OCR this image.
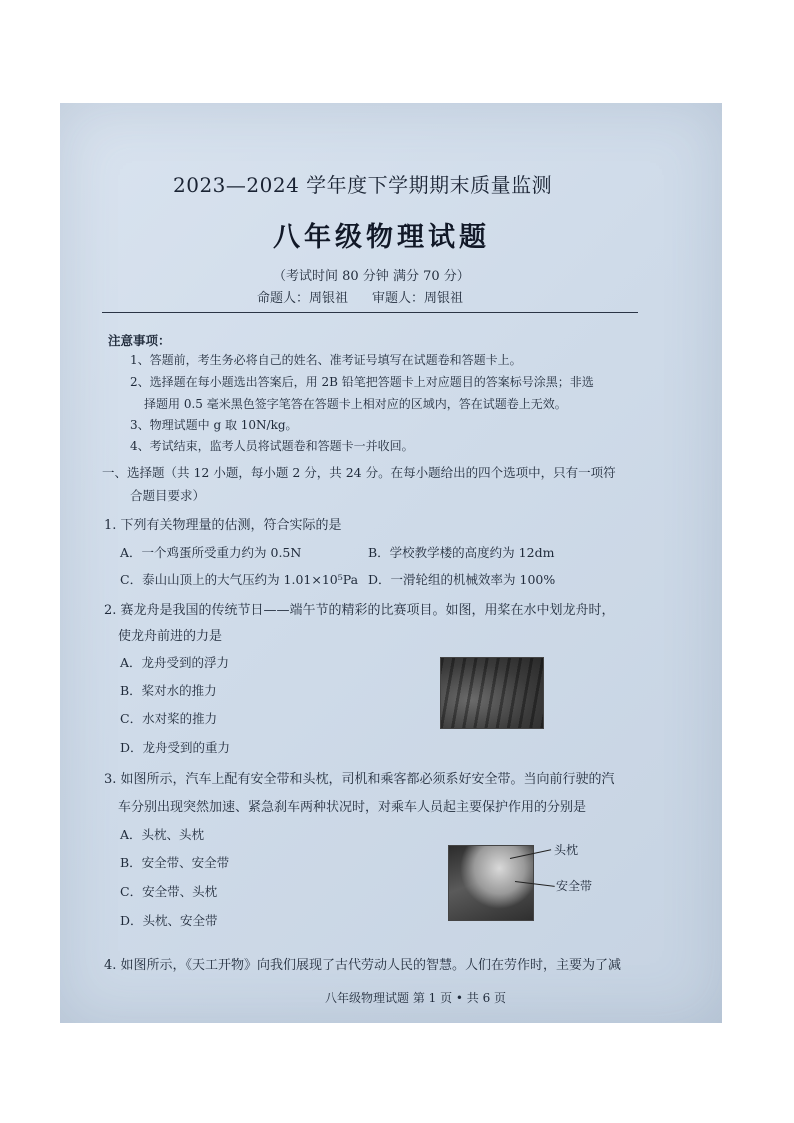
2023—2024 学年度下学期期末质量监测
八年级物理试题
（考试时间 80 分钟 满分 70 分）
命题人：周银祖 审题人：周银祖
注意事项：
1、答题前，考生务必将自己的姓名、准考证号填写在试题卷和答题卡上。
2、选择题在每小题选出答案后，用 2B 铅笔把答题卡上对应题目的答案标号涂黑；非选
择题用 0.5 毫米黑色签字笔答在答题卡上相对应的区域内，答在试题卷上无效。
3、物理试题中 g 取 10N/kg。
4、考试结束，监考人员将试题卷和答题卡一并收回。
一、选择题（共 12 小题，每小题 2 分，共 24 分。在每小题给出的四个选项中，只有一项符
合题目要求）
1. 下列有关物理量的估测，符合实际的是
A．一个鸡蛋所受重力约为 0.5N	B．学校教学楼的高度约为 12dm
C．泰山山顶上的大气压约为 1.01×10⁵Pa D．一滑轮组的机械效率为 100%
2. 赛龙舟是我国的传统节日——端午节的精彩的比赛项目。如图，用桨在水中划龙舟时，
使龙舟前进的力是
A．龙舟受到的浮力
B．桨对水的推力
C．水对桨的推力
D．龙舟受到的重力
3. 如图所示，汽车上配有安全带和头枕，司机和乘客都必须系好安全带。当向前行驶的汽
车分别出现突然加速、紧急刹车两种状况时，对乘车人员起主要保护作用的分别是
A．头枕、头枕
B．安全带、安全带
C．安全带、头枕
D．头枕、安全带
头枕
安全带
4. 如图所示，《天工开物》向我们展现了古代劳动人民的智慧。人们在劳作时，主要为了减
八年级物理试题 第 1 页 • 共 6 页
